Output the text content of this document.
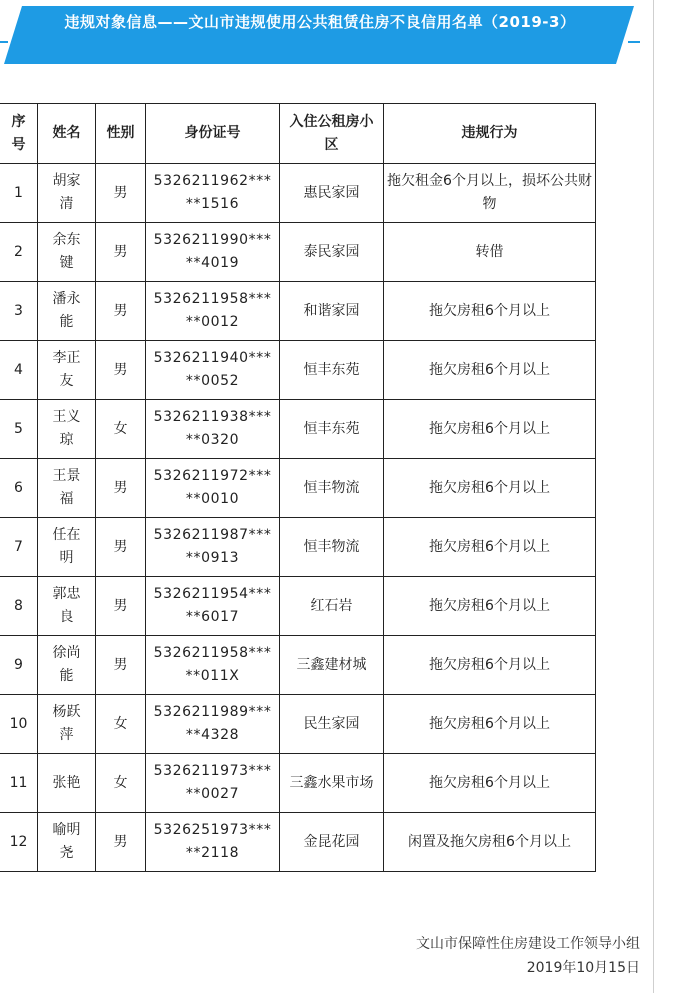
违规对象信息——文山市违规使用公共租赁住房不良信用名单（2019-3）
序号	姓名	性别	身份证号	入住公租房小区	违规行为
1	胡家清	男	5326211962*****1516	惠民家园	拖欠租金6个月以上，损坏公共财物
2	余东键	男	5326211990*****4019	泰民家园	转借
3	潘永能	男	5326211958*****0012	和谐家园	拖欠房租6个月以上
4	李正友	男	5326211940*****0052	恒丰东苑	拖欠房租6个月以上
5	王义琼	女	5326211938*****0320	恒丰东苑	拖欠房租6个月以上
6	王景福	男	5326211972*****0010	恒丰物流	拖欠房租6个月以上
7	任在明	男	5326211987*****0913	恒丰物流	拖欠房租6个月以上
8	郭忠良	男	5326211954*****6017	红石岩	拖欠房租6个月以上
9	徐尚能	男	5326211958*****011X	三鑫建材城	拖欠房租6个月以上
10	杨跃萍	女	5326211989*****4328	民生家园	拖欠房租6个月以上
11	张艳	女	5326211973*****0027	三鑫水果市场	拖欠房租6个月以上
12	喻明尧	男	5326251973*****2118	金昆花园	闲置及拖欠房租6个月以上
文山市保障性住房建设工作领导小组
2019年10月15日
